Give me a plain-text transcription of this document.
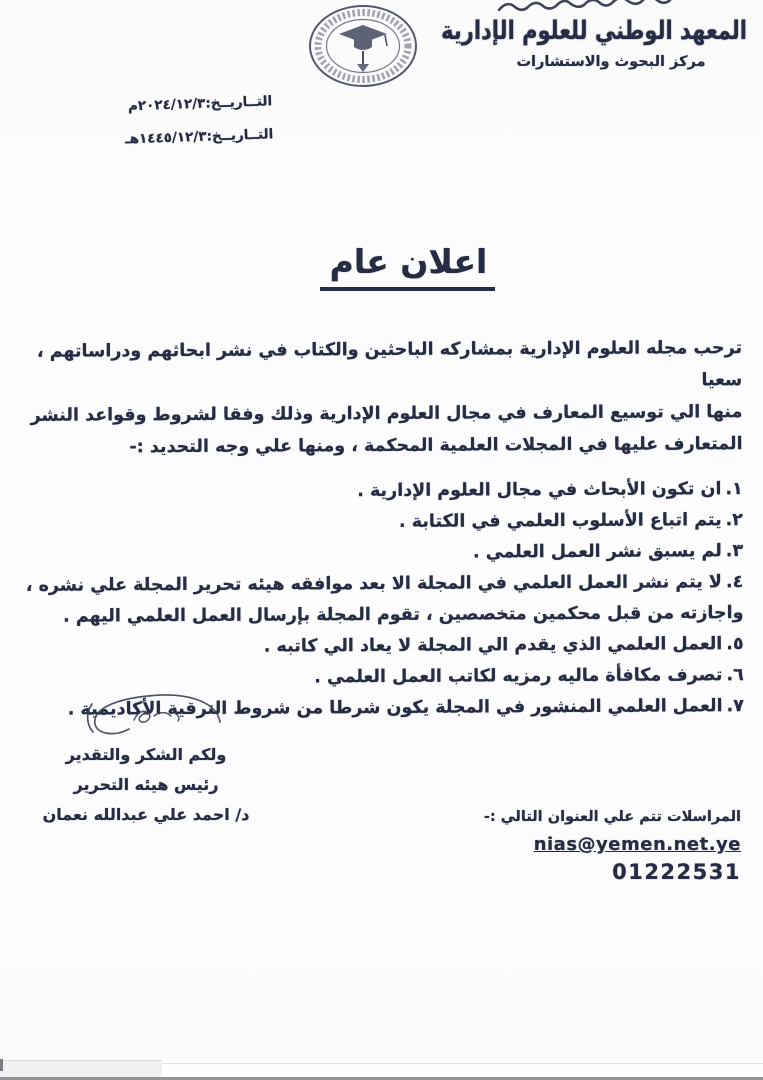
المعهد الوطني للعلوم الإدارية
مركز البحوث والاستشارات
التــاريــخ:٢٠٢٤/١٢/٣م
التــاريــخ:١٤٤٥/١٢/٣هـ
اعلان عام
ترحب مجله العلوم الإدارية بمشاركه الباحثين والكتاب في نشر ابحاثهم ودراساتهم ، سعيا
منها الي توسيع المعارف في مجال العلوم الإدارية وذلك وفقا لشروط وقواعد النشر
المتعارف عليها في المجلات العلمية المحكمة ، ومنها علي وجه التحديد :-
١.ان تكون الأبحاث في مجال العلوم الإدارية .
٢.يتم اتباع الأسلوب العلمي في الكتابة .
٣.لم يسبق نشر العمل العلمي .
٤.لا يتم نشر العمل العلمي في المجلة الا بعد موافقه هيئه تحرير المجلة علي نشره ، واجازته من قبل محكمين متخصصين ، تقوم المجلة بإرسال العمل العلمي اليهم .
٥.العمل العلمي الذي يقدم الي المجلة لا يعاد الي كاتبه .
٦.تصرف مكافأة ماليه رمزيه لكاتب العمل العلمي .
٧.العمل العلمي المنشور في المجلة يكون شرطا من شروط الترقية الأكاديمية .
ولكم الشكر والتقدير
رئيس هيئه التحرير
د/ احمد علي عبدالله نعمان	المراسلات تتم علي العنوان التالي :-
nias@yemen.net.ye
01222531
